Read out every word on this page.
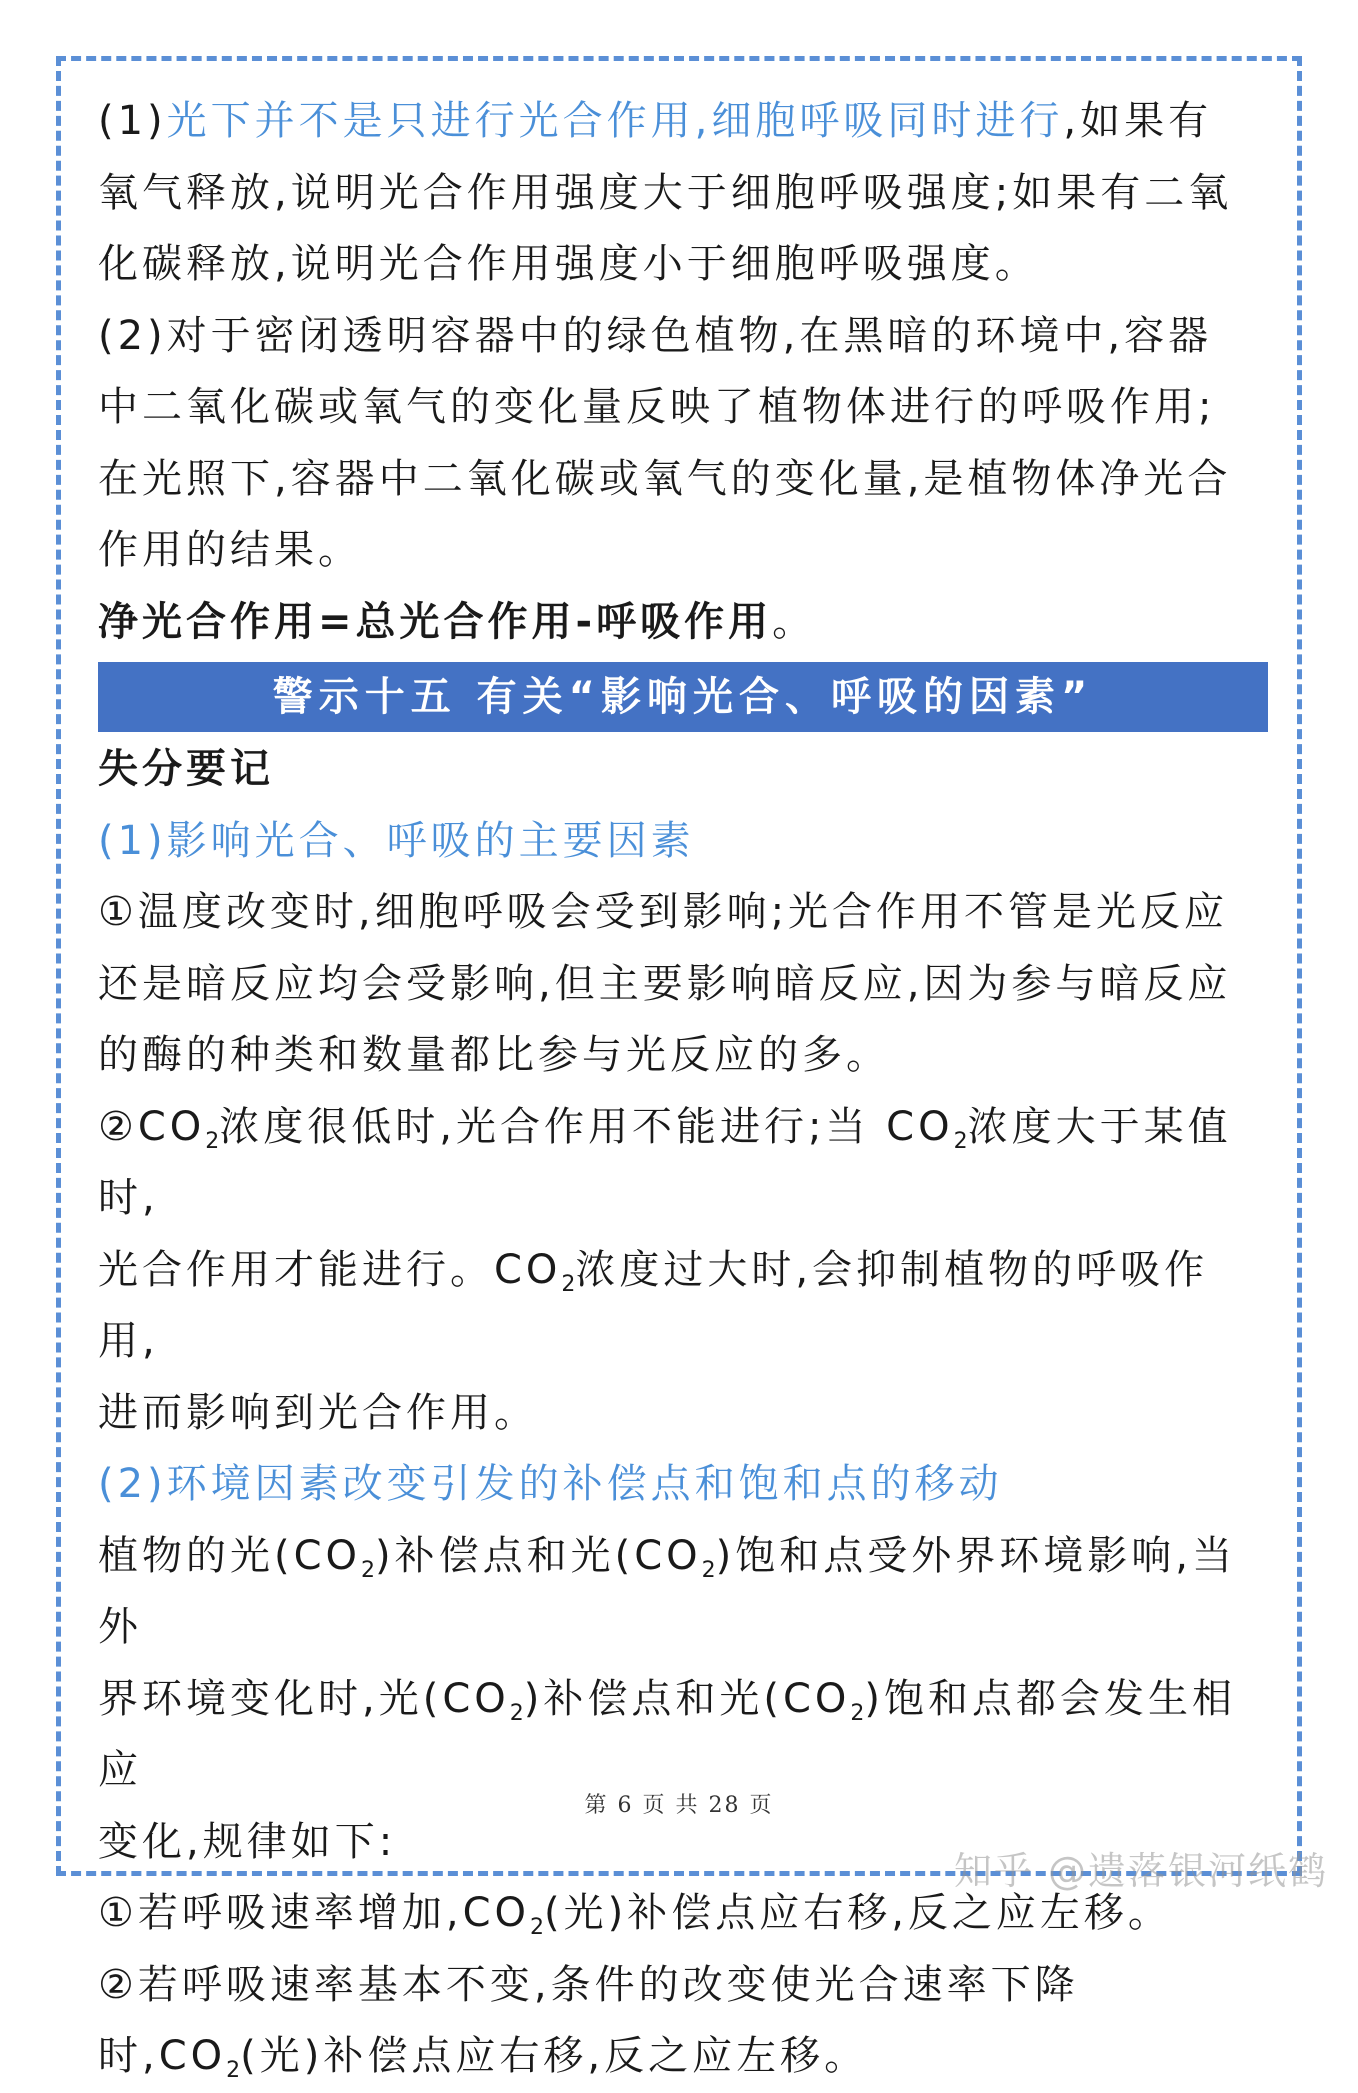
(1)光下并不是只进行光合作用,细胞呼吸同时进行,如果有
氧气释放,说明光合作用强度大于细胞呼吸强度;如果有二氧
化碳释放,说明光合作用强度小于细胞呼吸强度。

(2)对于密闭透明容器中的绿色植物,在黑暗的环境中,容器
中二氧化碳或氧气的变化量反映了植物体进行的呼吸作用;
在光照下,容器中二氧化碳或氧气的变化量,是植物体净光合
作用的结果。

净光合作用=总光合作用-呼吸作用。

警示十五 有关“影响光合、呼吸的因素”

失分要记

(1)影响光合、呼吸的主要因素

①温度改变时,细胞呼吸会受到影响;光合作用不管是光反应
还是暗反应均会受影响,但主要影响暗反应,因为参与暗反应
的酶的种类和数量都比参与光反应的多。

$②CO_2$浓度很低时,光合作用不能进行;当 $CO_2$浓度大于某值时,
光合作用才能进行。$CO_2$浓度过大时,会抑制植物的呼吸作用,
进而影响到光合作用。

(2)环境因素改变引发的补偿点和饱和点的移动

植物的光$(CO_2)$补偿点和光$(CO_2)$饱和点受外界环境影响,当外
界环境变化时,光$(CO_2)$补偿点和光$(CO_2)$饱和点都会发生相应
变化,规律如下:

①若呼吸速率增加$,CO_2$(光)补偿点应右移,反之应左移。

②若呼吸速率基本不变,条件的改变使光合速率下降
时$,CO_2$(光)补偿点应右移,反之应左移。

第 6 页 共 28 页
知乎 @遗落银河纸鹤
